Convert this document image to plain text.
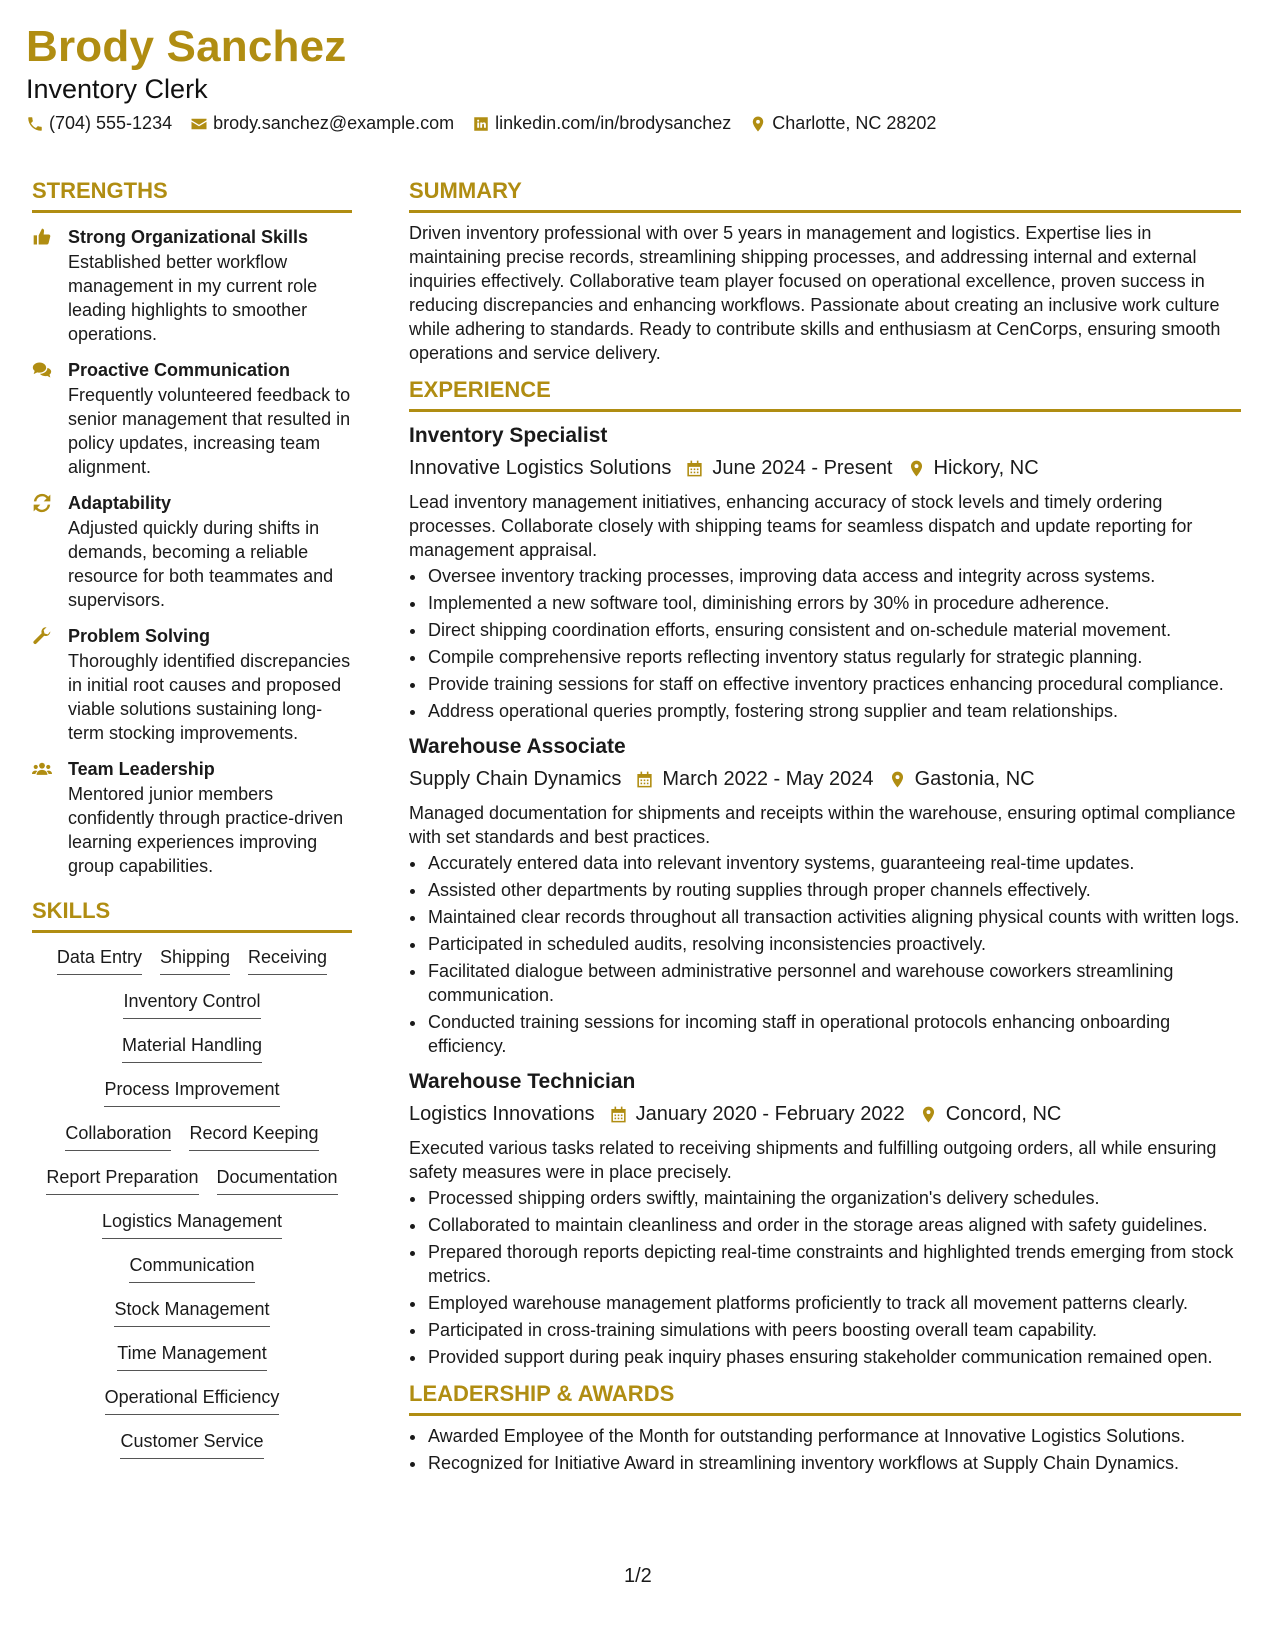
Brody Sanchez
Inventory Clerk
(704) 555-1234 brody.sanchez@example.com linkedin.com/in/brodysanchez Charlotte, NC 28202
STRENGTHS
Strong Organizational Skills
Established better workflow management in my current role leading highlights to smoother operations.
Proactive Communication
Frequently volunteered feedback to senior management that resulted in policy updates, increasing team alignment.
Adaptability
Adjusted quickly during shifts in demands, becoming a reliable resource for both teammates and supervisors.
Problem Solving
Thoroughly identified discrepancies in initial root causes and proposed viable solutions sustaining long-term stocking improvements.
Team Leadership
Mentored junior members confidently through practice-driven learning experiences improving group capabilities.
SKILLS
Data Entry Shipping Receiving
Inventory Control
Material Handling
Process Improvement
Collaboration Record Keeping
Report Preparation Documentation
Logistics Management
Communication
Stock Management
Time Management
Operational Efficiency
Customer Service
SUMMARY
Driven inventory professional with over 5 years in management and logistics. Expertise lies in maintaining precise records, streamlining shipping processes, and addressing internal and external inquiries effectively. Collaborative team player focused on operational excellence, proven success in reducing discrepancies and enhancing workflows. Passionate about creating an inclusive work culture while adhering to standards. Ready to contribute skills and enthusiasm at CenCorps, ensuring smooth operations and service delivery.
EXPERIENCE
Inventory Specialist
Innovative Logistics Solutions June 2024 - Present Hickory, NC
Lead inventory management initiatives, enhancing accuracy of stock levels and timely ordering processes. Collaborate closely with shipping teams for seamless dispatch and update reporting for management appraisal.
• Oversee inventory tracking processes, improving data access and integrity across systems.
• Implemented a new software tool, diminishing errors by 30% in procedure adherence.
• Direct shipping coordination efforts, ensuring consistent and on-schedule material movement.
• Compile comprehensive reports reflecting inventory status regularly for strategic planning.
• Provide training sessions for staff on effective inventory practices enhancing procedural compliance.
• Address operational queries promptly, fostering strong supplier and team relationships.
Warehouse Associate
Supply Chain Dynamics March 2022 - May 2024 Gastonia, NC
Managed documentation for shipments and receipts within the warehouse, ensuring optimal compliance with set standards and best practices.
• Accurately entered data into relevant inventory systems, guaranteeing real-time updates.
• Assisted other departments by routing supplies through proper channels effectively.
• Maintained clear records throughout all transaction activities aligning physical counts with written logs.
• Participated in scheduled audits, resolving inconsistencies proactively.
• Facilitated dialogue between administrative personnel and warehouse coworkers streamlining communication.
• Conducted training sessions for incoming staff in operational protocols enhancing onboarding efficiency.
Warehouse Technician
Logistics Innovations January 2020 - February 2022 Concord, NC
Executed various tasks related to receiving shipments and fulfilling outgoing orders, all while ensuring safety measures were in place precisely.
• Processed shipping orders swiftly, maintaining the organization's delivery schedules.
• Collaborated to maintain cleanliness and order in the storage areas aligned with safety guidelines.
• Prepared thorough reports depicting real-time constraints and highlighted trends emerging from stock metrics.
• Employed warehouse management platforms proficiently to track all movement patterns clearly.
• Participated in cross-training simulations with peers boosting overall team capability.
• Provided support during peak inquiry phases ensuring stakeholder communication remained open.
LEADERSHIP & AWARDS
• Awarded Employee of the Month for outstanding performance at Innovative Logistics Solutions.
• Recognized for Initiative Award in streamlining inventory workflows at Supply Chain Dynamics.
1/2
